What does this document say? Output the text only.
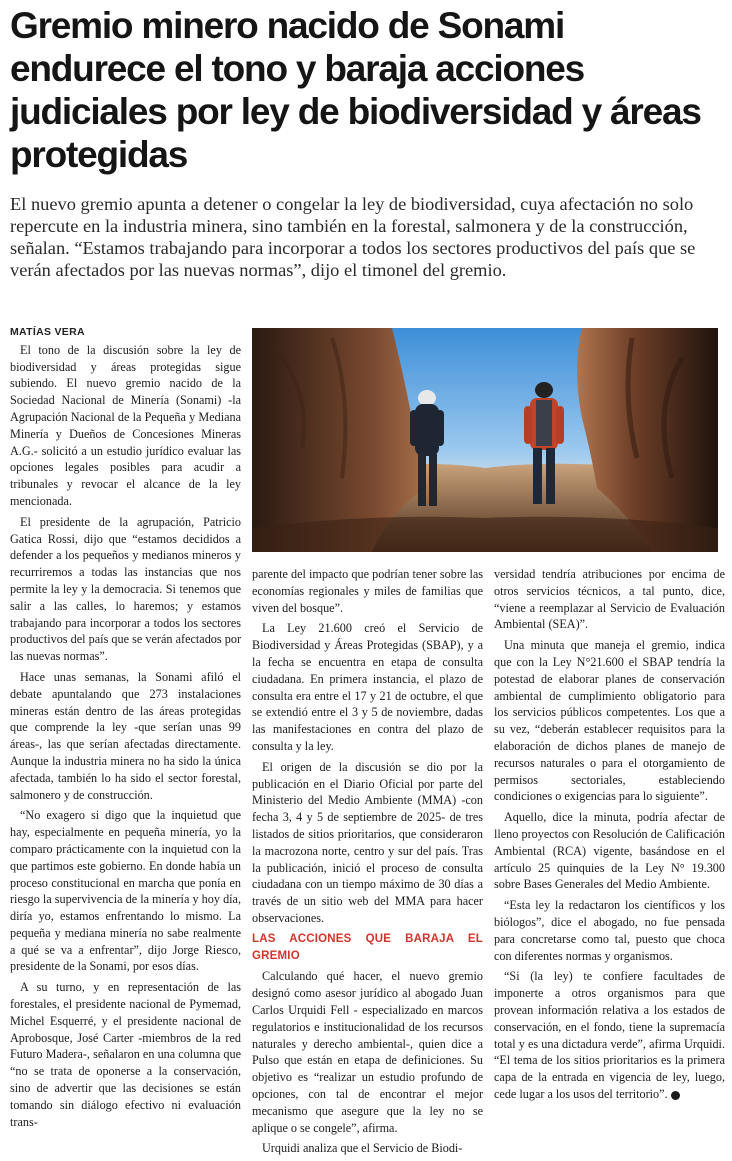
Gremio minero nacido de Sonami endurece el tono y baraja acciones judiciales por ley de biodiversidad y áreas protegidas

El nuevo gremio apunta a detener o congelar la ley de biodiversidad, cuya afectación no solo repercute en la industria minera, sino también en la forestal, salmonera y de la construcción, señalan. “Estamos trabajando para incorporar a todos los sectores productivos del país que se verán afectados por las nuevas normas”, dijo el timonel del gremio.

MATÍAS VERA

El tono de la discusión sobre la ley de biodiversidad y áreas protegidas sigue subiendo. El nuevo gremio nacido de la Sociedad Nacional de Minería (Sonami) -la Agrupación Nacional de la Pequeña y Mediana Minería y Dueños de Concesiones Mineras A.G.- solicitó a un estudio jurídico evaluar las opciones legales posibles para acudir a tribunales y revocar el alcance de la ley mencionada.

El presidente de la agrupación, Patricio Gatica Rossi, dijo que “estamos decididos a defender a los pequeños y medianos mineros y recurriremos a todas las instancias que nos permite la ley y la democracia. Si tenemos que salir a las calles, lo haremos; y estamos trabajando para incorporar a todos los sectores productivos del país que se verán afectados por las nuevas normas”.

Hace unas semanas, la Sonami afiló el debate apuntalando que 273 instalaciones mineras están dentro de las áreas protegidas que comprende la ley -que serían unas 99 áreas-, las que serían afectadas directamente. Aunque la industria minera no ha sido la única afectada, también lo ha sido el sector forestal, salmonero y de construcción.

“No exagero si digo que la inquietud que hay, especialmente en pequeña minería, yo la comparo prácticamente con la inquietud con la que partimos este gobierno. En donde había un proceso constitucional en marcha que ponía en riesgo la supervivencia de la minería y hoy día, diría yo, estamos enfrentando lo mismo. La pequeña y mediana minería no sabe realmente a qué se va a enfrentar”, dijo Jorge Riesco, presidente de la Sonami, por esos días.

A su turno, y en representación de las forestales, el presidente nacional de Pymemad, Michel Esquerré, y el presidente nacional de Aprobosque, José Carter -miembros de la red Futuro Madera-, señalaron en una columna que “no se trata de oponerse a la conservación, sino de advertir que las decisiones se están tomando sin diálogo efectivo ni evaluación trans-

parente del impacto que podrían tener sobre las economías regionales y miles de familias que viven del bosque”.

La Ley 21.600 creó el Servicio de Biodiversidad y Áreas Protegidas (SBAP), y a la fecha se encuentra en etapa de consulta ciudadana. En primera instancia, el plazo de consulta era entre el 17 y 21 de octubre, el que se extendió entre el 3 y 5 de noviembre, dadas las manifestaciones en contra del plazo de consulta y la ley.

El origen de la discusión se dio por la publicación en el Diario Oficial por parte del Ministerio del Medio Ambiente (MMA) -con fecha 3, 4 y 5 de septiembre de 2025- de tres listados de sitios prioritarios, que consideraron la macrozona norte, centro y sur del país. Tras la publicación, inició el proceso de consulta ciudadana con un tiempo máximo de 30 días a través de un sitio web del MMA para hacer observaciones.

LAS ACCIONES QUE BARAJA EL GREMIO

Calculando qué hacer, el nuevo gremio designó como asesor jurídico al abogado Juan Carlos Urquidi Fell - especializado en marcos regulatorios e institucionalidad de los recursos naturales y derecho ambiental-, quien dice a Pulso que están en etapa de definiciones. Su objetivo es “realizar un estudio profundo de opciones, con tal de encontrar el mejor mecanismo que asegure que la ley no se aplique o se congele”, afirma.

Urquidi analiza que el Servicio de Biodi-

versidad tendría atribuciones por encima de otros servicios técnicos, a tal punto, dice, “viene a reemplazar al Servicio de Evaluación Ambiental (SEA)”.

Una minuta que maneja el gremio, indica que con la Ley N°21.600 el SBAP tendría la potestad de elaborar planes de conservación ambiental de cumplimiento obligatorio para los servicios públicos competentes. Los que a su vez, “deberán establecer requisitos para la elaboración de dichos planes de manejo de recursos naturales o para el otorgamiento de permisos sectoriales, estableciendo condiciones o exigencias para lo siguiente”.

Aquello, dice la minuta, podría afectar de lleno proyectos con Resolución de Calificación Ambiental (RCA) vigente, basándose en el artículo 25 quinquies de la Ley N° 19.300 sobre Bases Generales del Medio Ambiente.

“Esta ley la redactaron los científicos y los biólogos”, dice el abogado, no fue pensada para concretarse como tal, puesto que choca con diferentes normas y organismos.

“Si (la ley) te confiere facultades de imponerte a otros organismos para que provean información relativa a los estados de conservación, en el fondo, tiene la supremacía total y es una dictadura verde”, afirma Urquidi. “El tema de los sitios prioritarios es la primera capa de la entrada en vigencia de ley, luego, cede lugar a los usos del territorio”.
